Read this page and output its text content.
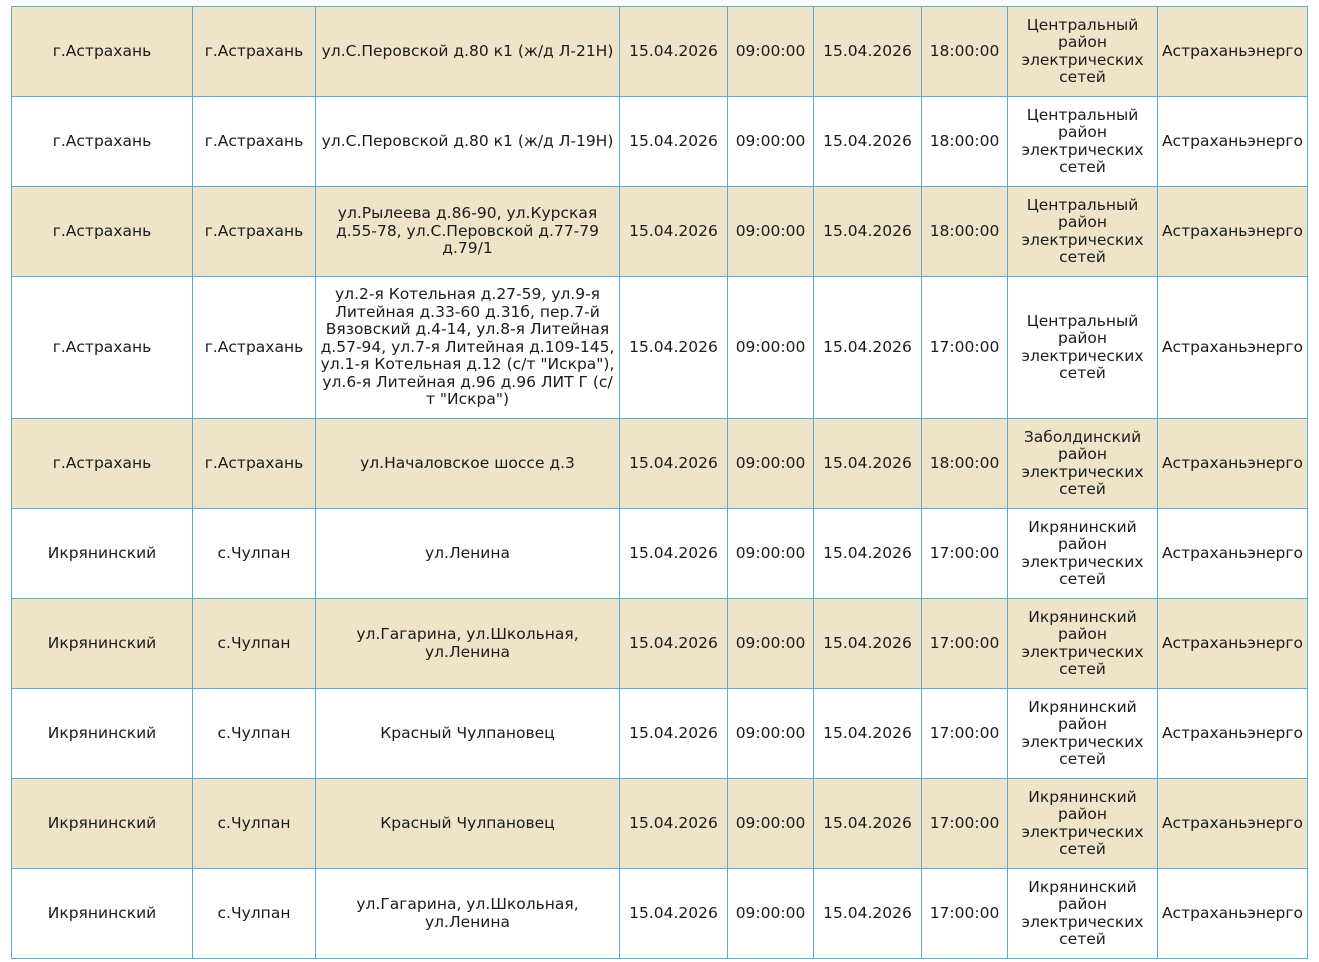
г.Астрахань	г.Астрахань	ул.С.Перовской д.80 к1 (ж/д Л-21Н)	15.04.2026	09:00:00	15.04.2026	18:00:00	Центральный район электрических сетей	Астраханьэнерго
г.Астрахань	г.Астрахань	ул.С.Перовской д.80 к1 (ж/д Л-19Н)	15.04.2026	09:00:00	15.04.2026	18:00:00	Центральный район электрических сетей	Астраханьэнерго
г.Астрахань	г.Астрахань	ул.Рылеева д.86-90, ул.Курская д.55-78, ул.С.Перовской д.77-79 д.79/1	15.04.2026	09:00:00	15.04.2026	18:00:00	Центральный район электрических сетей	Астраханьэнерго
г.Астрахань	г.Астрахань	ул.2-я Котельная д.27-59, ул.9-я Литейная д.33-60 д.31б, пер.7-й Вязовский д.4-14, ул.8-я Литейная д.57-94, ул.7-я Литейная д.109-145, ул.1-я Котельная д.12 (с/т "Искра"), ул.6-я Литейная д.96 д.96 ЛИТ Г (с/т "Искра")	15.04.2026	09:00:00	15.04.2026	17:00:00	Центральный район электрических сетей	Астраханьэнерго
г.Астрахань	г.Астрахань	ул.Началовское шоссе д.3	15.04.2026	09:00:00	15.04.2026	18:00:00	Заболдинский район электрических сетей	Астраханьэнерго
Икрянинский	с.Чулпан	ул.Ленина	15.04.2026	09:00:00	15.04.2026	17:00:00	Икрянинский район электрических сетей	Астраханьэнерго
Икрянинский	с.Чулпан	ул.Гагарина, ул.Школьная, ул.Ленина	15.04.2026	09:00:00	15.04.2026	17:00:00	Икрянинский район электрических сетей	Астраханьэнерго
Икрянинский	с.Чулпан	Красный Чулпановец	15.04.2026	09:00:00	15.04.2026	17:00:00	Икрянинский район электрических сетей	Астраханьэнерго
Икрянинский	с.Чулпан	Красный Чулпановец	15.04.2026	09:00:00	15.04.2026	17:00:00	Икрянинский район электрических сетей	Астраханьэнерго
Икрянинский	с.Чулпан	ул.Гагарина, ул.Школьная, ул.Ленина	15.04.2026	09:00:00	15.04.2026	17:00:00	Икрянинский район электрических сетей	Астраханьэнерго
